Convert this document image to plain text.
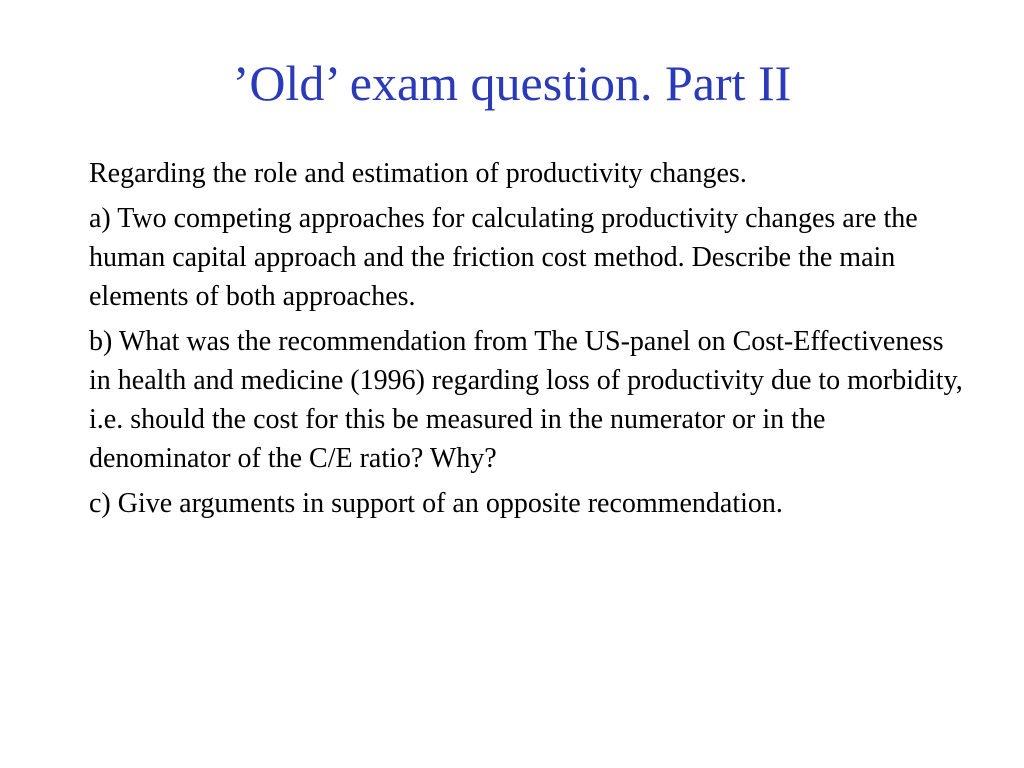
’Old’ exam question. Part II

Regarding the role and estimation of productivity changes.

a) Two competing approaches for calculating productivity changes are the human capital approach and the friction cost method. Describe the main elements of both approaches.

b) What was the recommendation from The US-panel on Cost-Effectiveness in health and medicine (1996) regarding loss of productivity due to morbidity, i.e. should the cost for this be measured in the numerator or in the denominator of the C/E ratio? Why?

c) Give arguments in support of an opposite recommendation.
